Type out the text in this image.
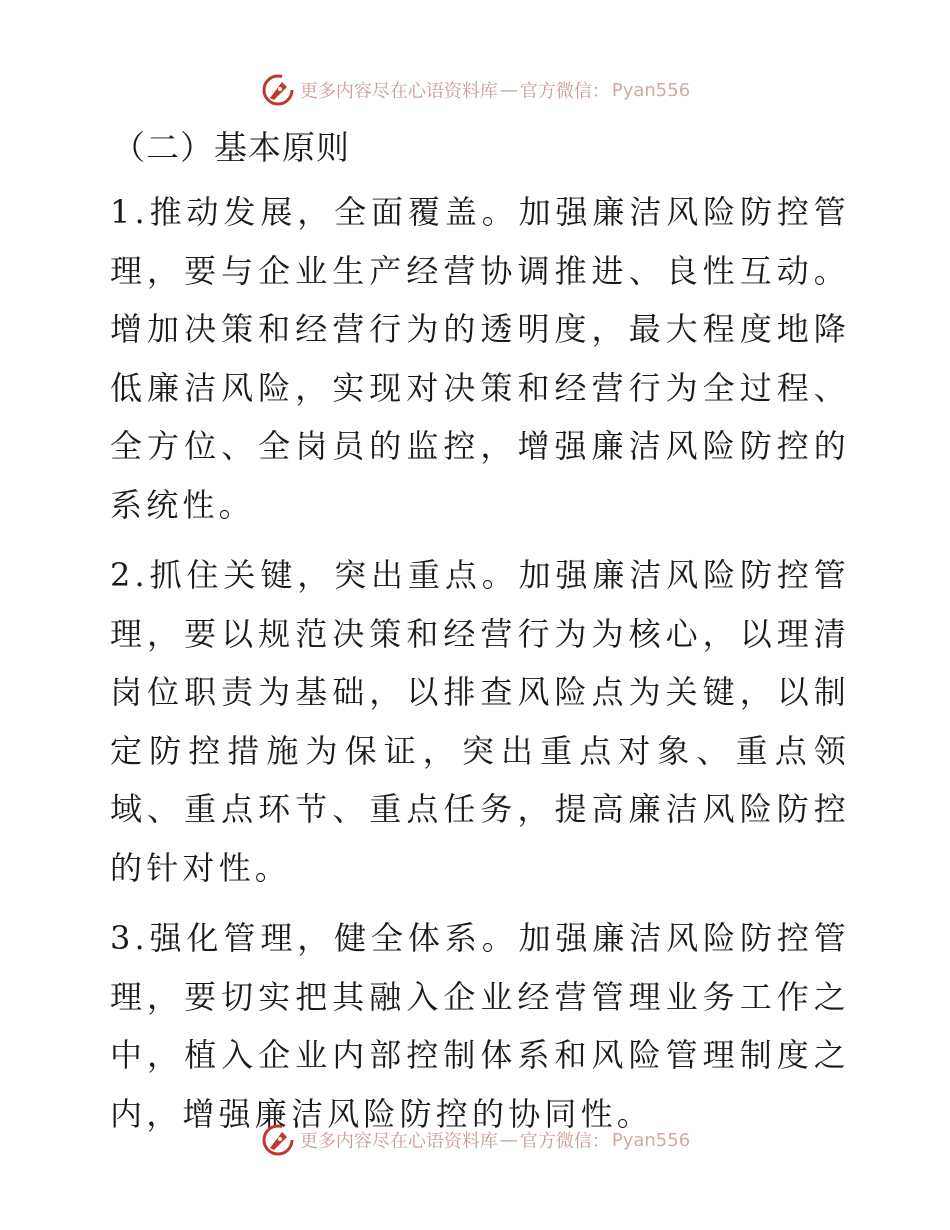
更多内容尽在心语资料库 — 官方微信： Pyan556
（二）基本原则

1.推动发展，全面覆盖。加强廉洁风险防控管理，要与企业生产经营协调推进、良性互动。增加决策和经营行为的透明度，最大程度地降低廉洁风险，实现对决策和经营行为全过程、全方位、全岗员的监控，增强廉洁风险防控的系统性。

2.抓住关键，突出重点。加强廉洁风险防控管理，要以规范决策和经营行为为核心，以理清岗位职责为基础，以排查风险点为关键，以制定防控措施为保证，突出重点对象、重点领域、重点环节、重点任务，提高廉洁风险防控的针对性。

3.强化管理，健全体系。加强廉洁风险防控管理，要切实把其融入企业经营管理业务工作之中，植入企业内部控制体系和风险管理制度之内，增强廉洁风险防控的协同性。

更多内容尽在心语资料库 — 官方微信： Pyan556
